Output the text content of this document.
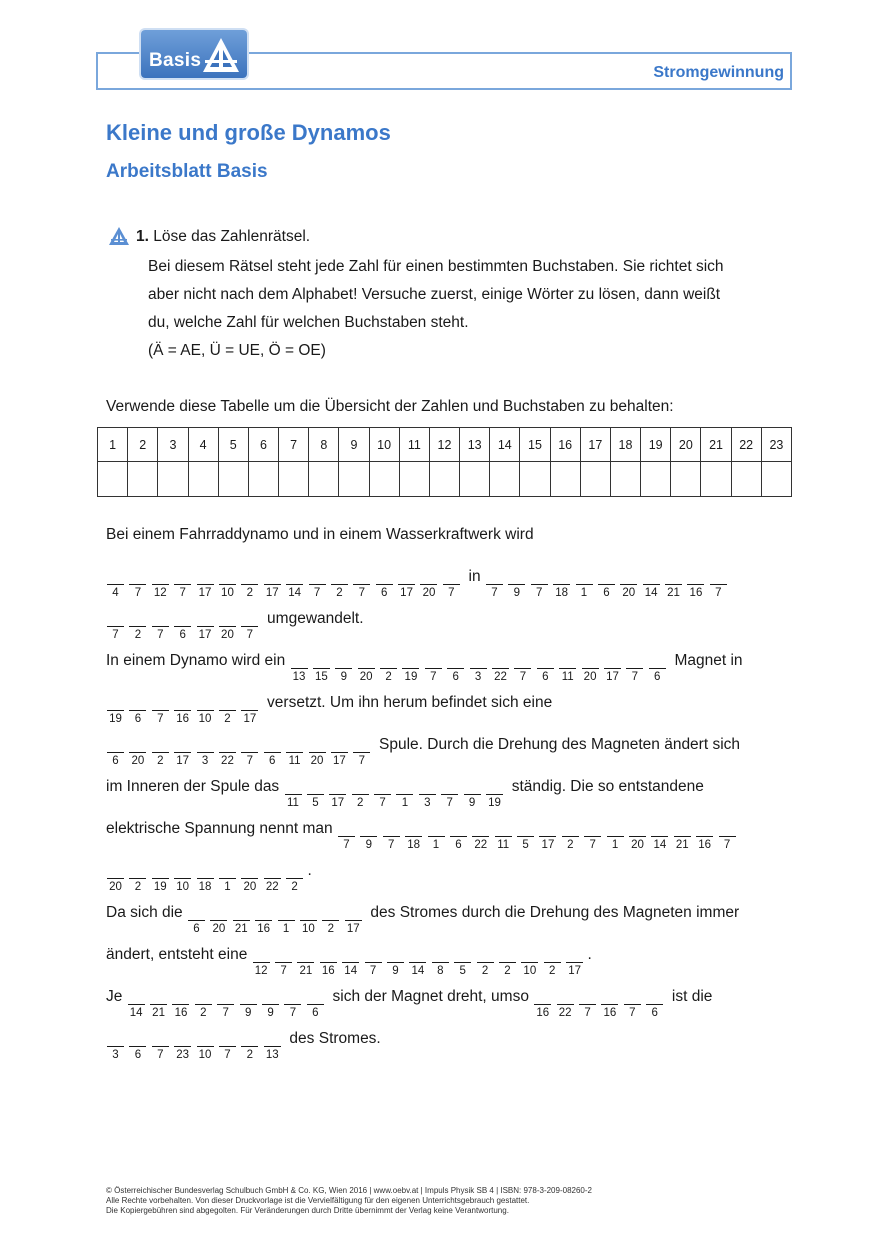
Basis
Stromgewinnung
Kleine und große Dynamos
Arbeitsblatt Basis
1. Löse das Zahlenrätsel.
Bei diesem Rätsel steht jede Zahl für einen bestimmten Buchstaben. Sie richtet sich
aber nicht nach dem Alphabet! Versuche zuerst, einige Wörter zu lösen, dann weißt
du, welche Zahl für welchen Buchstaben steht.
(Ä = AE, Ü = UE, Ö = OE)
Verwende diese Tabelle um die Übersicht der Zahlen und Buchstaben zu behalten:
1	2	3	4	5	6	7	8	9	10	11	12	13	14	15	16	17	18	19	20	21	22	23

Bei einem Fahrraddynamo und in einem Wasserkraftwerk wird
4	7	12	7	17 10	2	17 14	7	2	7	6	17 20	7
in
7	9	7	18	1	6	20 14 21 16	7
7	2	7	6	17 20	7
umgewandelt.
In einem Dynamo wird ein
13 15	9	20	2	19	7	6	3	22	7	6	11 20 17	7	6
Magnet in
19	6	7	16 10	2	17
versetzt. Um ihn herum befindet sich eine
6	20	2	17	3	22	7	6	11 20 17	7
Spule. Durch die Drehung des Magneten ändert sich
im Inneren der Spule das
11	5	17	2	7	1	3	7	9	19
ständig. Die so entstandene
elektrische Spannung nennt man
7	9	7	18	1	6	22 11	5	17	2	7	1	20 14 21 16	7
20	2	19 10 18	1	20 22	2
.
Da sich die
6	20 21 16	1	10	2	17
des Stromes durch die Drehung des Magneten immer
ändert, entsteht eine
12	7	21 16 14	7	9	14	8	5	2	2	10	2	17
.
Je
14 21 16	2	7	9	9	7	6
sich der Magnet dreht, umso
16 22	7	16	7	6
ist die
3	6	7	23 10	7	2	13
des Stromes.
© Österreichischer Bundesverlag Schulbuch GmbH & Co. KG, Wien 2016 | www.oebv.at | Impuls Physik SB 4 | ISBN: 978-3-209-08260-2
Alle Rechte vorbehalten. Von dieser Druckvorlage ist die Vervielfältigung für den eigenen Unterrichtsgebrauch gestattet.
Die Kopiergebühren sind abgegolten. Für Veränderungen durch Dritte übernimmt der Verlag keine Verantwortung.
